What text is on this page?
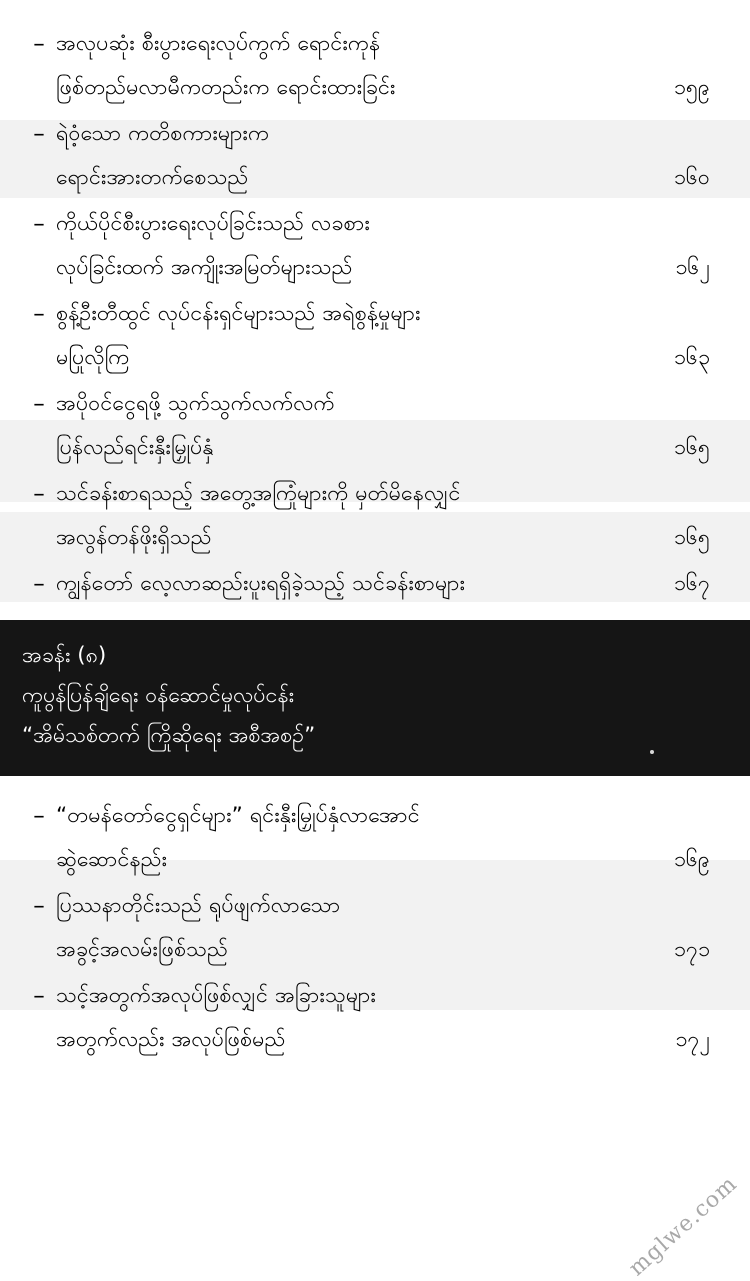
– အလုပဆုံး စီးပွားရေးလုပ်ကွက် ရောင်းကုန်
ဖြစ်တည်မလာမီကတည်းက ရောင်းထားခြင်း	၁၅၉
– ရဲဝံ့သော ကတိစကားများက
ရောင်းအားတက်စေသည်	၁၆၀
– ကိုယ်ပိုင်စီးပွားရေးလုပ်ခြင်းသည် လခစား
လုပ်ခြင်းထက် အကျိုးအမြတ်များသည်	၁၆၂
– စွန့်ဦးတီထွင် လုပ်ငန်းရှင်များသည် အရဲစွန့်မှုများ
မပြုလိုကြ	၁၆၃
– အပိုဝင်ငွေရဖို့ သွက်သွက်လက်လက်
ပြန်လည်ရင်းနှီးမြှုပ်နှံ	၁၆၅
– သင်ခန်းစာရသည့် အတွေ့အကြုံများကို မှတ်မိနေလျှင်
အလွန်တန်ဖိုးရှိသည်	၁၆၅
– ကျွန်တော် လေ့လာဆည်းပူးရရှိခဲ့သည့် သင်ခန်းစာများ	၁၆၇
အခန်း (၈)
ကူပွန်ပြန်ချိရေး ဝန်ဆောင်မှုလုပ်ငန်း
“အိမ်သစ်တက် ကြိုဆိုရေး အစီအစဉ်”
– “တမန်တော်ငွေရှင်များ” ရင်းနှီးမြှုပ်နှံလာအောင်
ဆွဲဆောင်နည်း	၁၆၉
– ပြဿနာတိုင်းသည် ရုပ်ဖျက်လာသော
အခွင့်အလမ်းဖြစ်သည်	၁၇၁
– သင့်အတွက်အလုပ်ဖြစ်လျှင် အခြားသူများ
အတွက်လည်း အလုပ်ဖြစ်မည်	၁၇၂
mglwe.com
